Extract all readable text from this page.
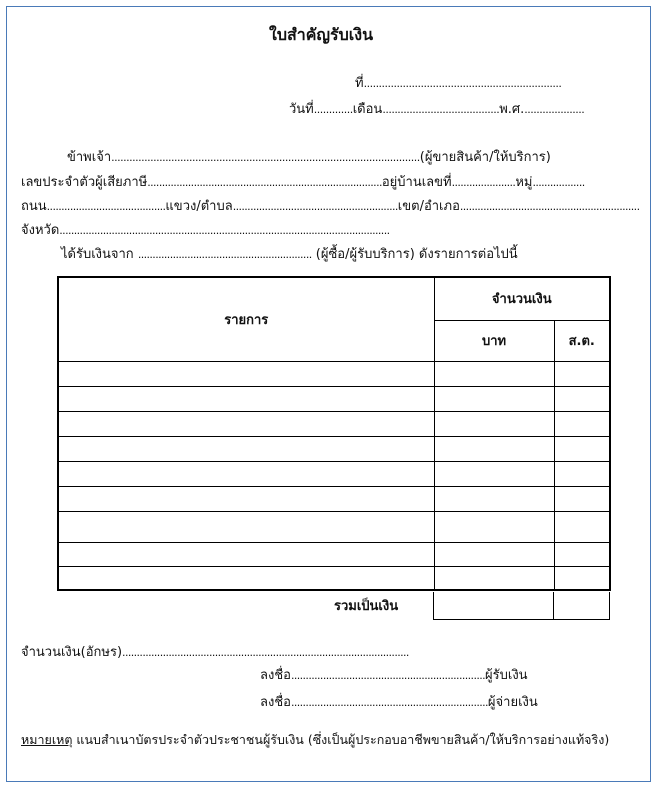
ใบสำคัญรับเงิน
ที่..................................................................
วันที่.............เดือน.......................................พ.ศ.....................
ข้าพเจ้า.......................................................................................................(ผู้ขายสินค้า/ให้บริการ)
เลขประจำตัวผู้เสียภาษี.................................................................................อยู่บ้านเลขที่......................หมู่..................
ถนน.........................................แขวง/ตำบล.........................................................เขต/อำเภอ..............................................................
จังหวัด..................................................................................................................
ได้รับเงินจาก ............................................................ (ผู้ซื้อ/ผู้รับบริการ) ดังรายการต่อไปนี้
รายการ	จำนวนเงิน	
	บาท	ส.ต.

รวมเป็นเงิน
จำนวนเงิน(อักษร)...................................................................................................
ลงชื่อ...................................................................ผู้รับเงิน
ลงชื่อ....................................................................ผู้จ่ายเงิน
หมายเหตุ แนบสำเนาบัตรประจำตัวประชาชนผู้รับเงิน (ซึ่งเป็นผู้ประกอบอาชีพขายสินค้า/ให้บริการอย่างแท้จริง)
